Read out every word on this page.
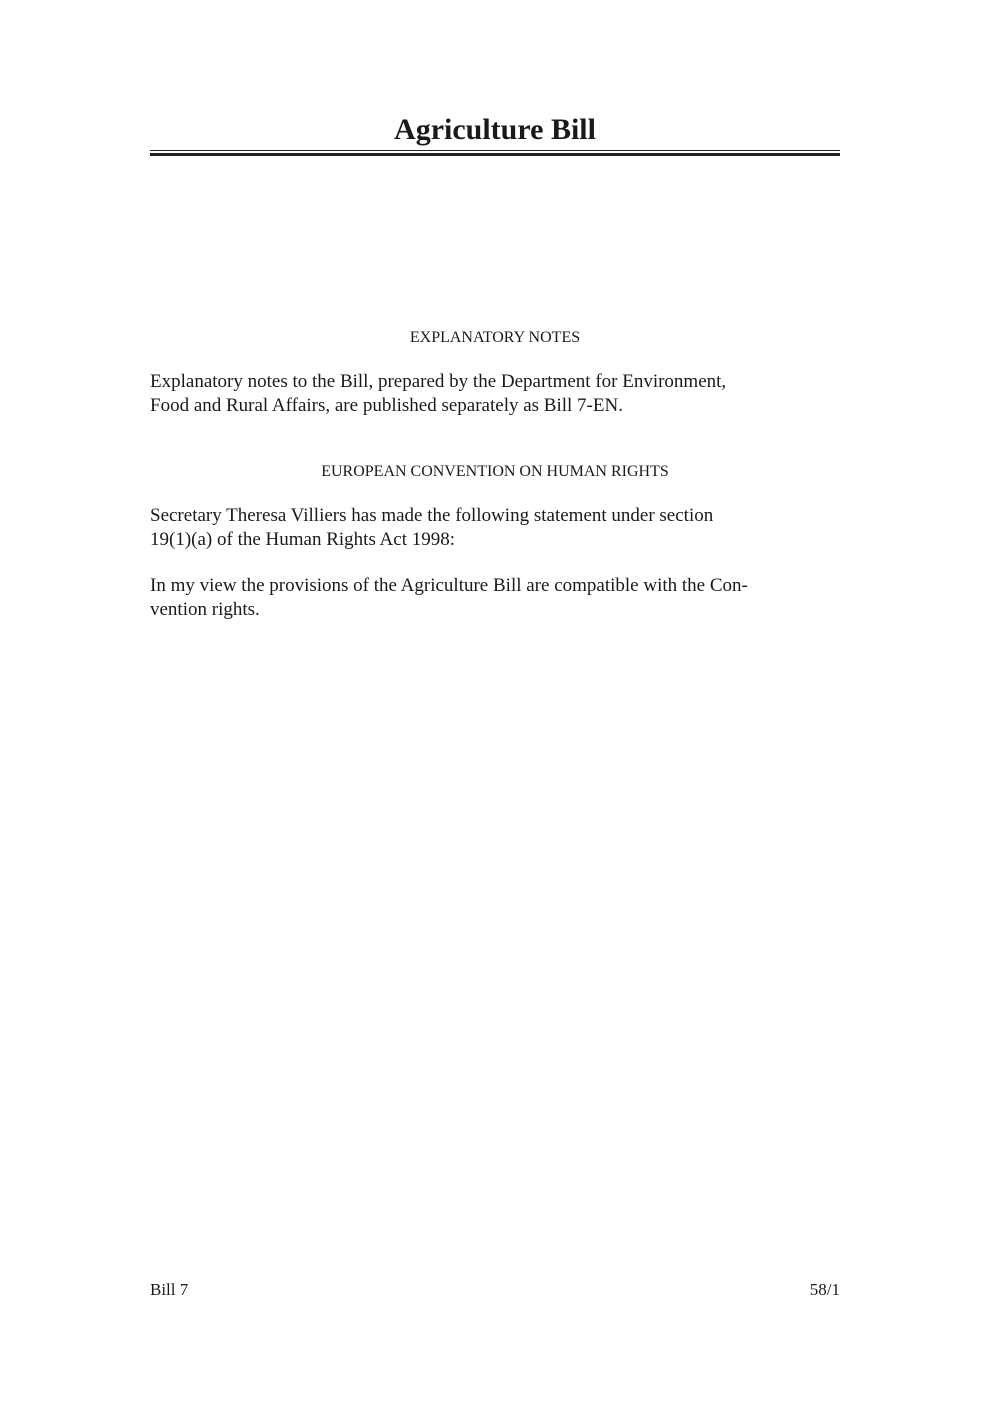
Agriculture Bill
EXPLANATORY NOTES
Explanatory notes to the Bill, prepared by the Department for Environment,
Food and Rural Affairs, are published separately as Bill 7-EN.
EUROPEAN CONVENTION ON HUMAN RIGHTS
Secretary Theresa Villiers has made the following statement under section
19(1)(a) of the Human Rights Act 1998:
In my view the provisions of the Agriculture Bill are compatible with the Con-
vention rights.
Bill 7	58/1
